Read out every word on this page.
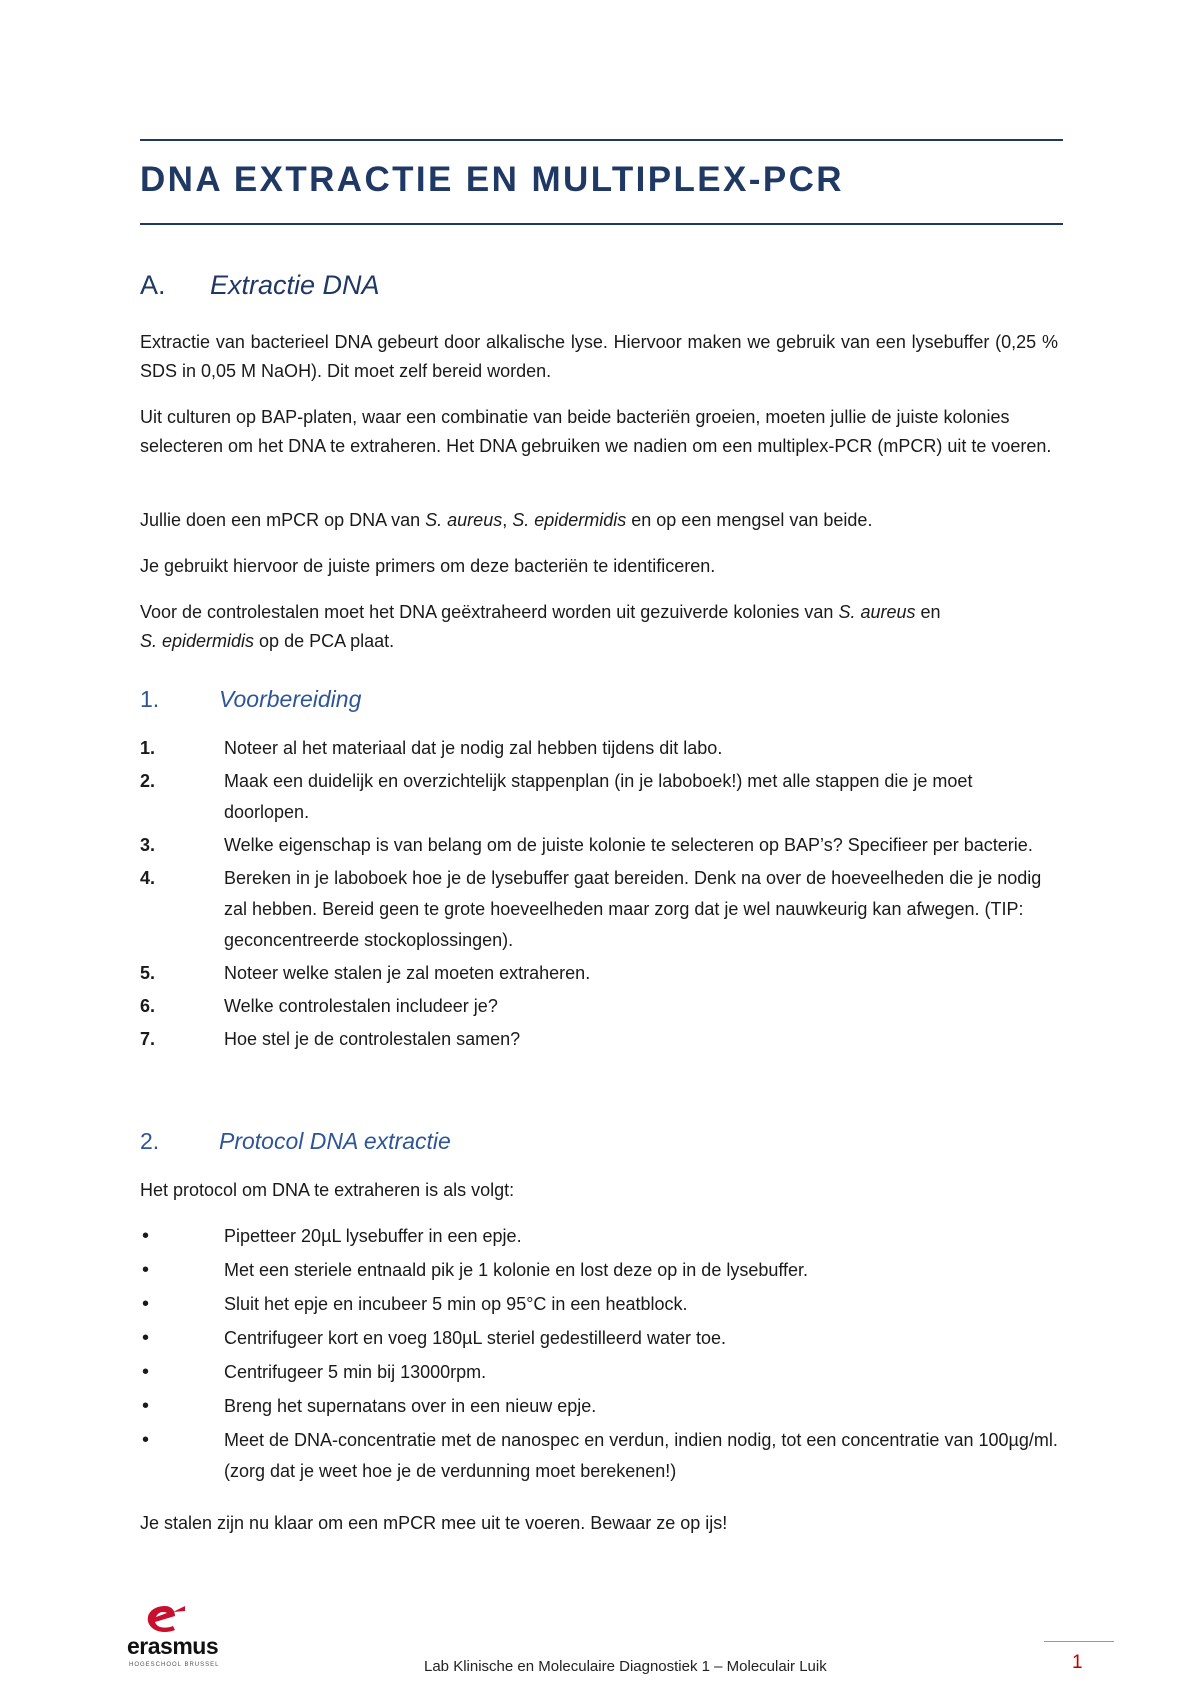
DNA EXTRACTIE EN MULTIPLEX-PCR
A. Extractie DNA

Extractie van bacterieel DNA gebeurt door alkalische lyse. Hiervoor maken we gebruik van een lysebuffer (0,25 % SDS in 0,05 M NaOH). Dit moet zelf bereid worden.

Uit culturen op BAP-platen, waar een combinatie van beide bacteriën groeien, moeten jullie de juiste kolonies selecteren om het DNA te extraheren. Het DNA gebruiken we nadien om een multiplex-PCR (mPCR) uit te voeren.

Jullie doen een mPCR op DNA van S. aureus, S. epidermidis en op een mengsel van beide.

Je gebruikt hiervoor de juiste primers om deze bacteriën te identificeren.

Voor de controlestalen moet het DNA geëxtraheerd worden uit gezuiverde kolonies van S. aureus en
S. epidermidis op de PCA plaat.

1.	Voorbereiding
1.	Noteer al het materiaal dat je nodig zal hebben tijdens dit labo.
2.	Maak een duidelijk en overzichtelijk stappenplan (in je laboboek!) met alle stappen die je moet doorlopen.
3.	Welke eigenschap is van belang om de juiste kolonie te selecteren op BAP’s? Specifieer per bacterie.
4.	Bereken in je laboboek hoe je de lysebuffer gaat bereiden. Denk na over de hoeveelheden die je nodig zal hebben. Bereid geen te grote hoeveelheden maar zorg dat je wel nauwkeurig kan afwegen. (TIP: geconcentreerde stockoplossingen).
5.	Noteer welke stalen je zal moeten extraheren.
6.	Welke controlestalen includeer je?
7.	Hoe stel je de controlestalen samen?
2.	Protocol DNA extractie

Het protocol om DNA te extraheren is als volgt:

•	Pipetteer 20µL lysebuffer in een epje.
•	Met een steriele entnaald pik je 1 kolonie en lost deze op in de lysebuffer.
•	Sluit het epje en incubeer 5 min op 95°C in een heatblock.
•	Centrifugeer kort en voeg 180µL steriel gedestilleerd water toe.
•	Centrifugeer 5 min bij 13000rpm.
•	Breng het supernatans over in een nieuw epje.
•	Meet de DNA-concentratie met de nanospec en verdun, indien nodig, tot een concentratie van 100µg/ml. (zorg dat je weet hoe je de verdunning moet berekenen!)

Je stalen zijn nu klaar om een mPCR mee uit te voeren. Bewaar ze op ijs!

erasmus
HOGESCHOOL BRUSSEL	Lab Klinische en Moleculaire Diagnostiek 1 – Moleculair Luik	1
